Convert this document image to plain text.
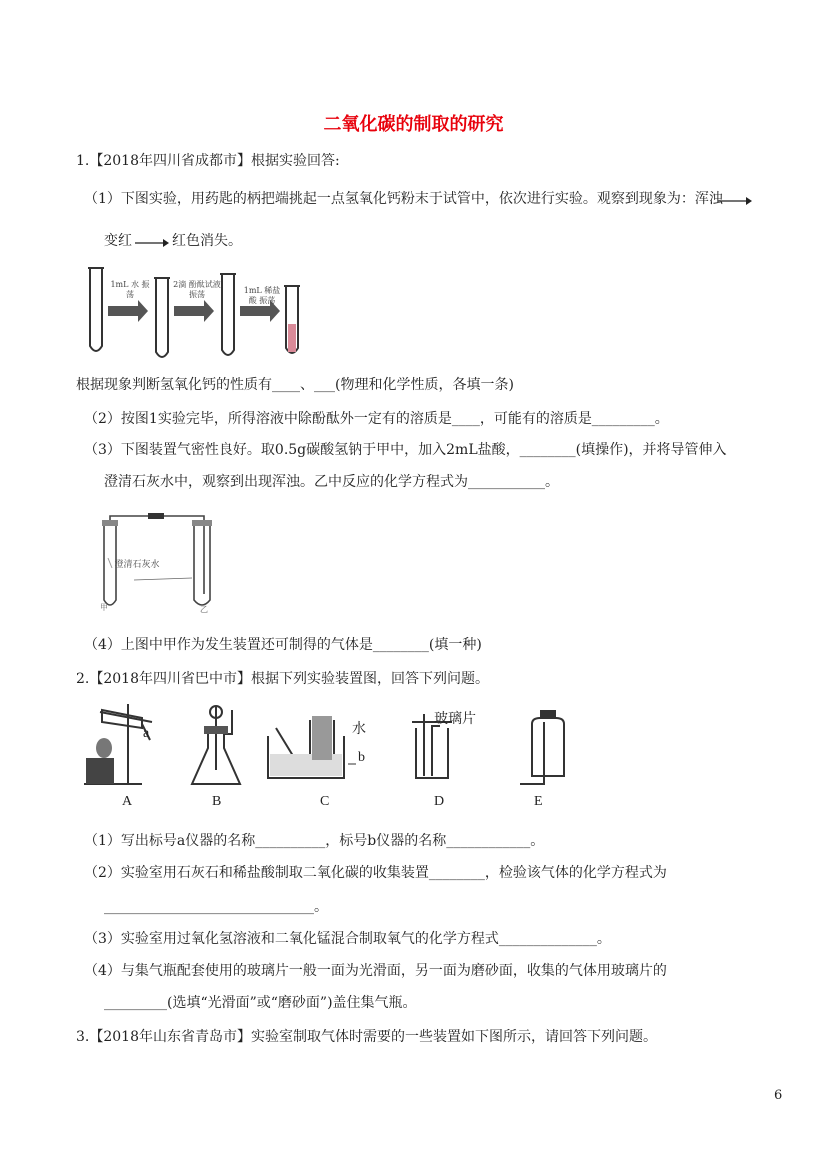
二氧化碳的制取的研究
1.【2018年四川省成都市】根据实验回答:
（1）下图实验，用药匙的柄把端挑起一点氢氧化钙粉末于试管中，依次进行实验。观察到现象为：浑浊
变红	红色消失。
1mL 水 振荡
2滴 酚酞试液 振荡	1mL 稀盐酸 振荡
根据现象判断氢氧化钙的性质有____、___(物理和化学性质，各填一条)
（2）按图1实验完毕，所得溶液中除酚酞外一定有的溶质是____，可能有的溶质是_________。
（3）下图装置气密性良好。取0.5g碳酸氢钠于甲中，加入2mL盐酸，________(填操作)，并将导管伸入
澄清石灰水中，观察到出现浑浊。乙中反应的化学方程式为___________。
澄清石灰水
甲	乙
（4）上图中甲作为发生装置还可制得的气体是________(填一种)
2.【2018年四川省巴中市】根据下列实验装置图，回答下列问题。
a
b
水
玻璃片
A	B	C	D	E
（1）写出标号a仪器的名称__________，标号b仪器的名称____________。
（2）实验室用石灰石和稀盐酸制取二氧化碳的收集装置________，检验该气体的化学方程式为
______________________________。
（3）实验室用过氧化氢溶液和二氧化锰混合制取氧气的化学方程式______________。
（4）与集气瓶配套使用的玻璃片一般一面为光滑面，另一面为磨砂面，收集的气体用玻璃片的
_________(选填“光滑面”或“磨砂面”)盖住集气瓶。
3.【2018年山东省青岛市】实验室制取气体时需要的一些装置如下图所示，请回答下列问题。
6
